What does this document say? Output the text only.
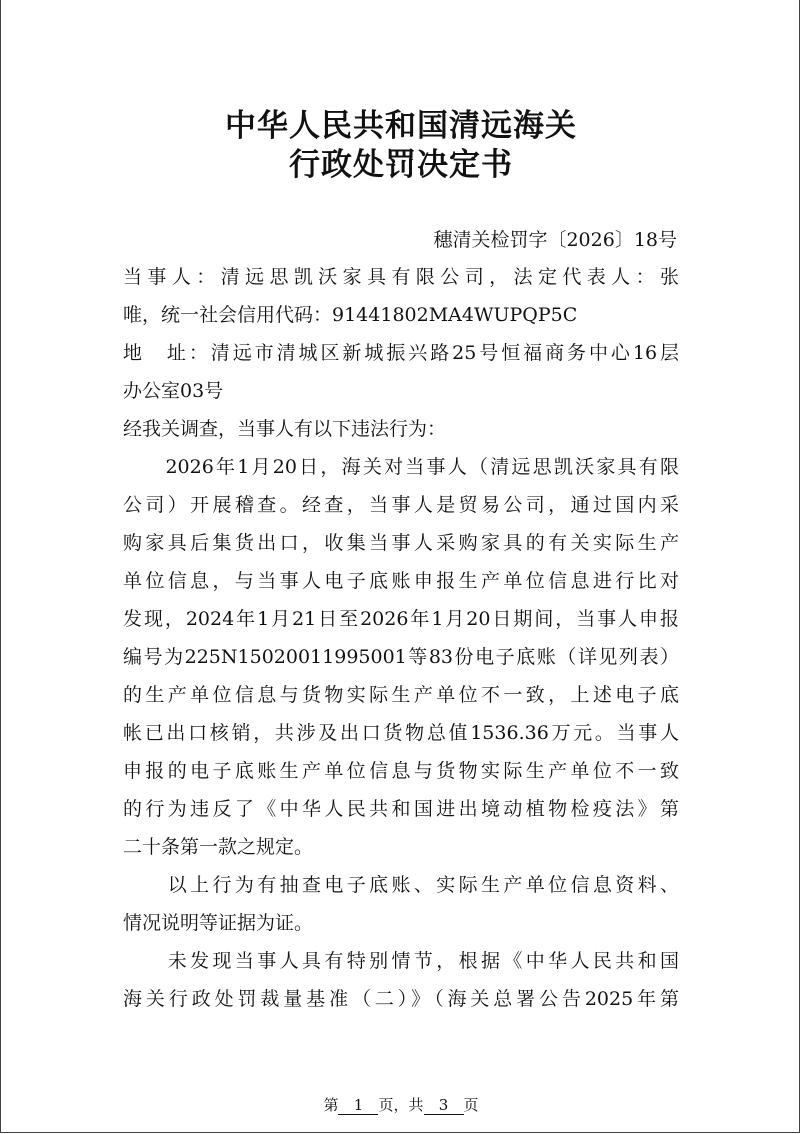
中华人民共和国清远海关
行政处罚决定书
穗清关检罚字〔2026〕18号
当事人：清远思凯沃家具有限公司，法定代表人：张
唯，统一社会信用代码：91441802MA4WUPQP5C
地　址：清远市清城区新城振兴路25号恒福商务中心16层
办公室03号
经我关调查，当事人有以下违法行为：
　　2026年1月20日，海关对当事人（清远思凯沃家具有限
公司）开展稽查。经查，当事人是贸易公司，通过国内采
购家具后集货出口，收集当事人采购家具的有关实际生产
单位信息，与当事人电子底账申报生产单位信息进行比对
发现，2024年1月21日至2026年1月20日期间，当事人申报
编号为225N15020011995001等83份电子底账（详见列表）
的生产单位信息与货物实际生产单位不一致，上述电子底
帐已出口核销，共涉及出口货物总值1536.36万元。当事人
申报的电子底账生产单位信息与货物实际生产单位不一致
的行为违反了《中华人民共和国进出境动植物检疫法》第
二十条第一款之规定。
　　以上行为有抽查电子底账、实际生产单位信息资料、
情况说明等证据为证。
　　未发现当事人具有特别情节，根据《中华人民共和国
海关行政处罚裁量基准（二）》（海关总署公告2025年第
第 1 页，共 3 页
